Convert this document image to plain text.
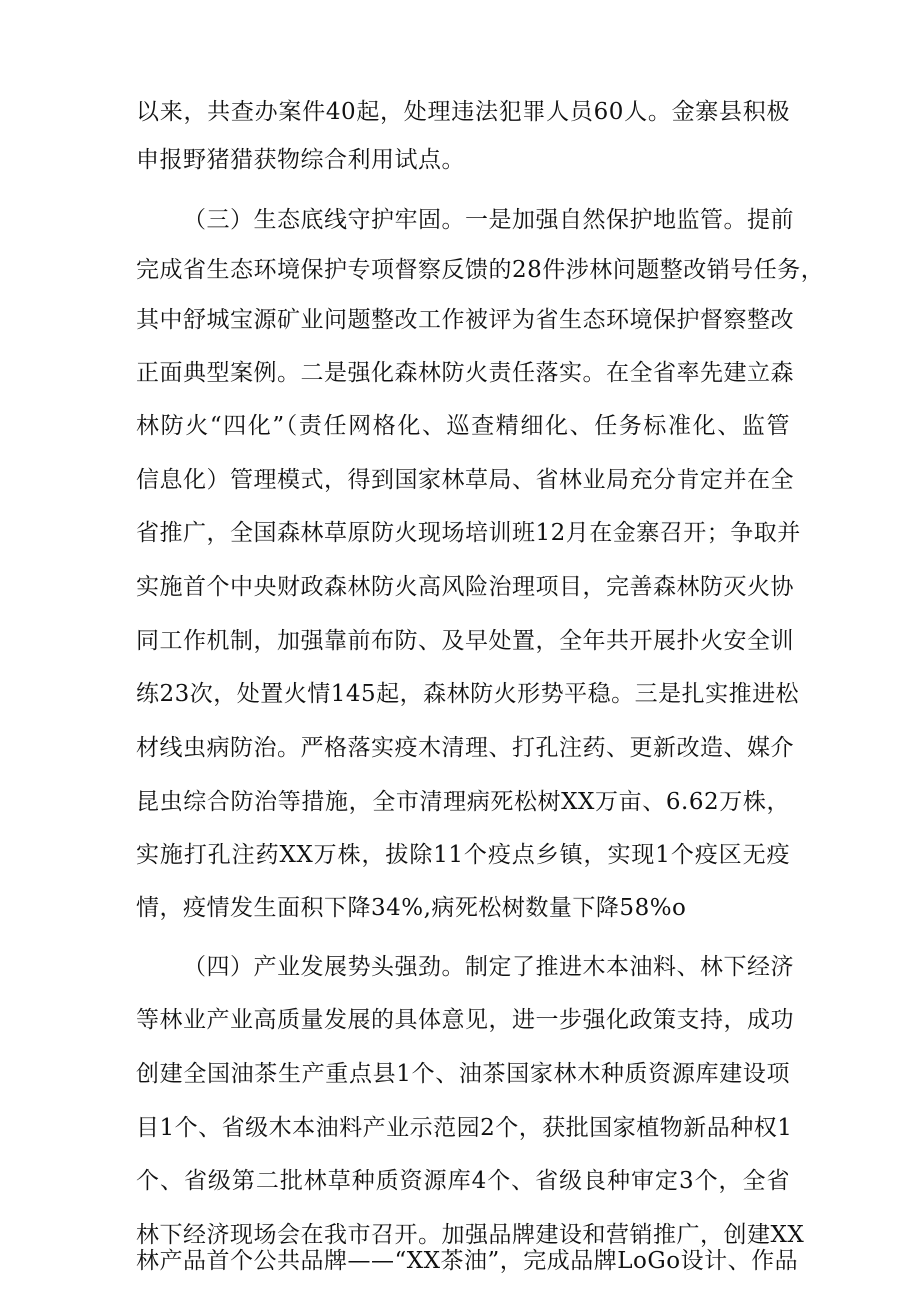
以来，共查办案件40起，处理违法犯罪人员60人。金寨县积极
申报野猪猎获物综合利用试点。
（三）生态底线守护牢固。一是加强自然保护地监管。提前
完成省生态环境保护专项督察反馈的28件涉林问题整改销号任务，
其中舒城宝源矿业问题整改工作被评为省生态环境保护督察整改
正面典型案例。二是强化森林防火责任落实。在全省率先建立森
林防火“四化”（责任网格化、巡查精细化、任务标准化、监管
信息化）管理模式，得到国家林草局、省林业局充分肯定并在全
省推广，全国森林草原防火现场培训班12月在金寨召开；争取并
实施首个中央财政森林防火高风险治理项目，完善森林防灭火协
同工作机制，加强靠前布防、及早处置，全年共开展扑火安全训
练23次，处置火情145起，森林防火形势平稳。三是扎实推进松
材线虫病防治。严格落实疫木清理、打孔注药、更新改造、媒介
昆虫综合防治等措施，全市清理病死松树XX万亩、6.62万株，
实施打孔注药XX万株，拔除11个疫点乡镇，实现1个疫区无疫
情，疫情发生面积下降34%,病死松树数量下降58%o
（四）产业发展势头强劲。制定了推进木本油料、林下经济
等林业产业高质量发展的具体意见，进一步强化政策支持，成功
创建全国油茶生产重点县1个、油茶国家林木种质资源库建设项
目1个、省级木本油料产业示范园2个，获批国家植物新品种权1
个、省级第二批林草种质资源库4个、省级良种审定3个，全省
林下经济现场会在我市召开。加强品牌建设和营销推广，创建XX
林产品首个公共品牌——“XX茶油”，完成品牌LoGo设计、作品
